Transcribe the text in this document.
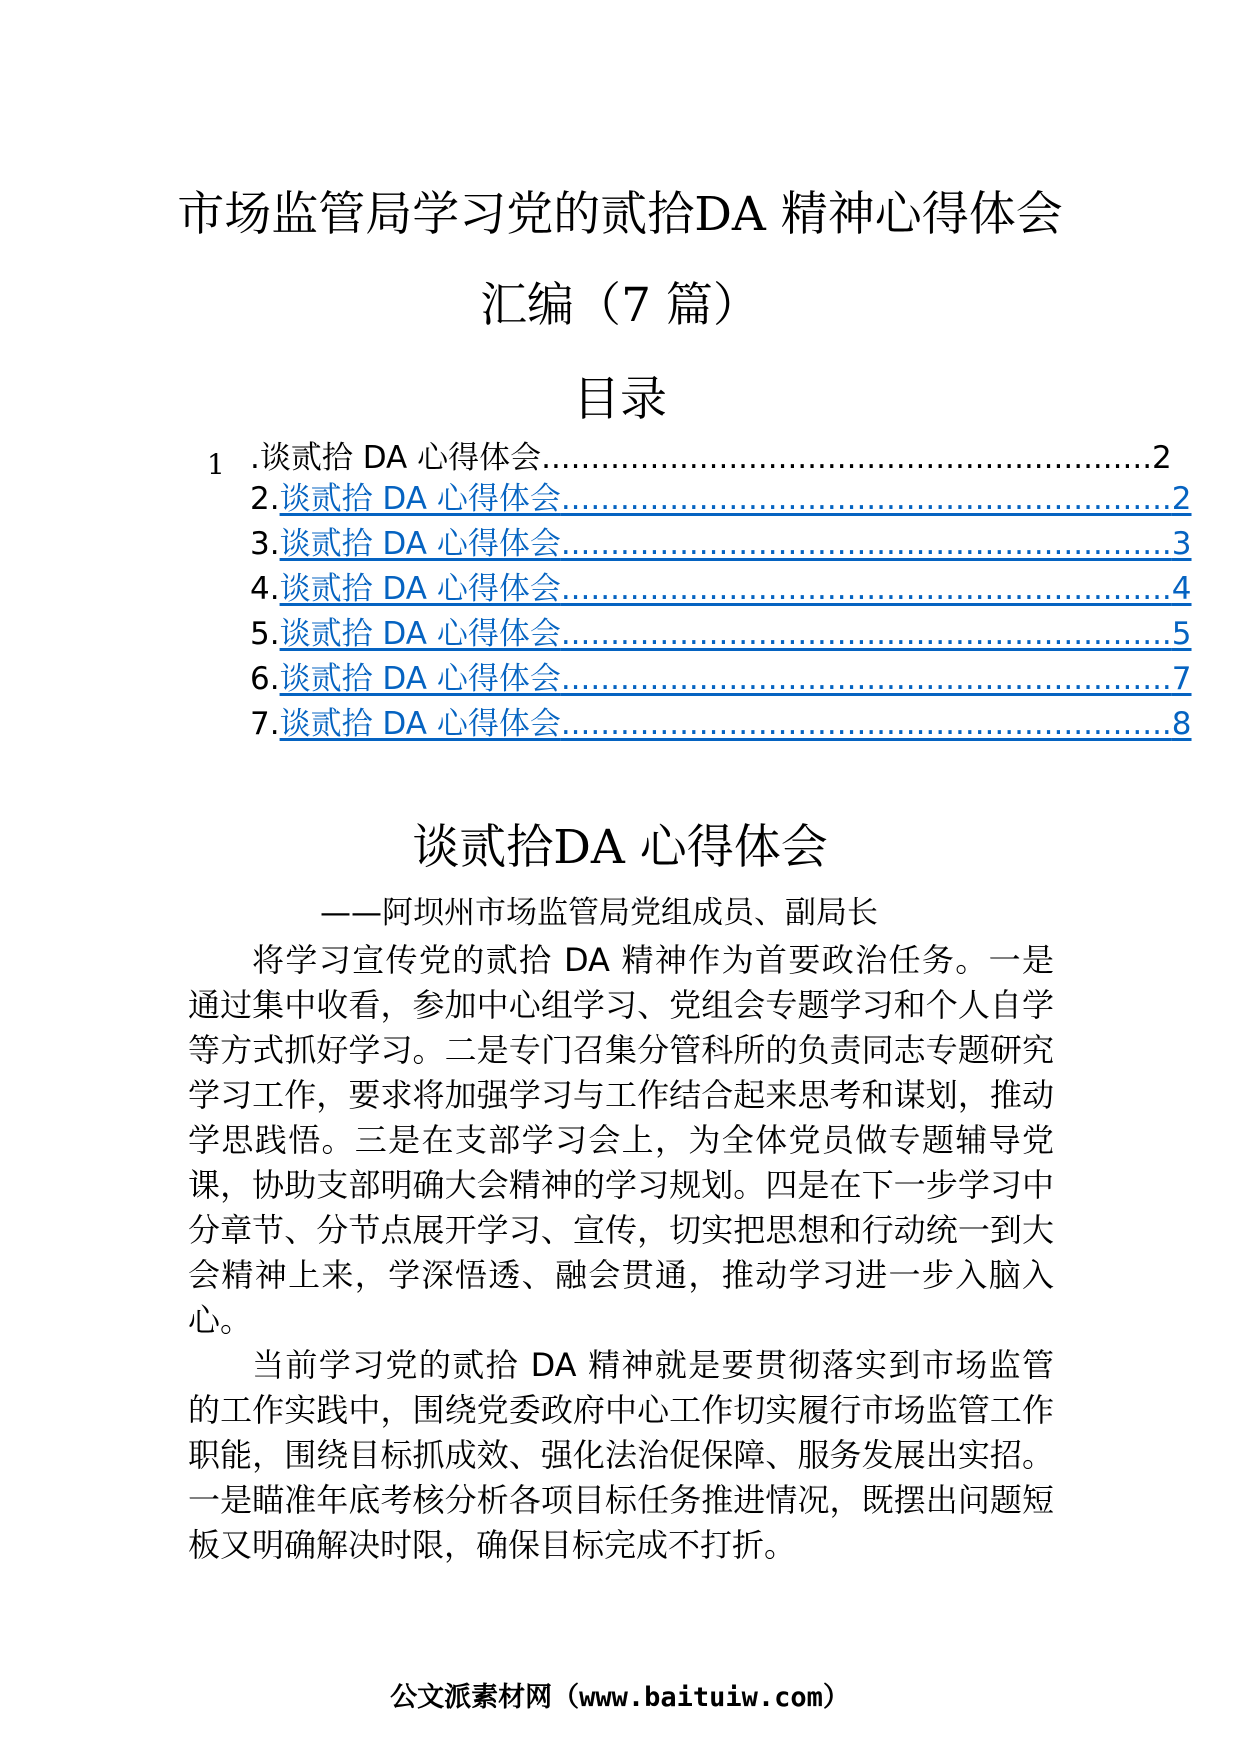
市场监管局学习党的贰拾DA 精神心得体会
汇编（7 篇）
目录
1 .谈贰拾 DA 心得体会 .............................................................. 2
2. 谈贰拾 DA 心得体会 .............................................................. 2
3. 谈贰拾 DA 心得体会 .............................................................. 3
4. 谈贰拾 DA 心得体会 .............................................................. 4
5. 谈贰拾 DA 心得体会 .............................................................. 5
6. 谈贰拾 DA 心得体会 .............................................................. 7
7. 谈贰拾 DA 心得体会 .............................................................. 8
谈贰拾DA 心得体会
——阿坝州市场监管局党组成员、副局长

将学习宣传党的贰拾 DA 精神作为首要政治任务。一是通过集中收看，参加中心组学习、党组会专题学习和个人自学等方式抓好学习。二是专门召集分管科所的负责同志专题研究学习工作，要求将加强学习与工作结合起来思考和谋划，推动学思践悟。三是在支部学习会上，为全体党员做专题辅导党课，协助支部明确大会精神的学习规划。四是在下一步学习中分章节、分节点展开学习、宣传，切实把思想和行动统一到大会精神上来，学深悟透、融会贯通，推动学习进一步入脑入心。

当前学习党的贰拾 DA 精神就是要贯彻落实到市场监管的工作实践中，围绕党委政府中心工作切实履行市场监管工作职能，围绕目标抓成效、强化法治促保障、服务发展出实招。一是瞄准年底考核分析各项目标任务推进情况，既摆出问题短板又明确解决时限，确保目标完成不打折。

公文派素材网（www.baituiw.com）
